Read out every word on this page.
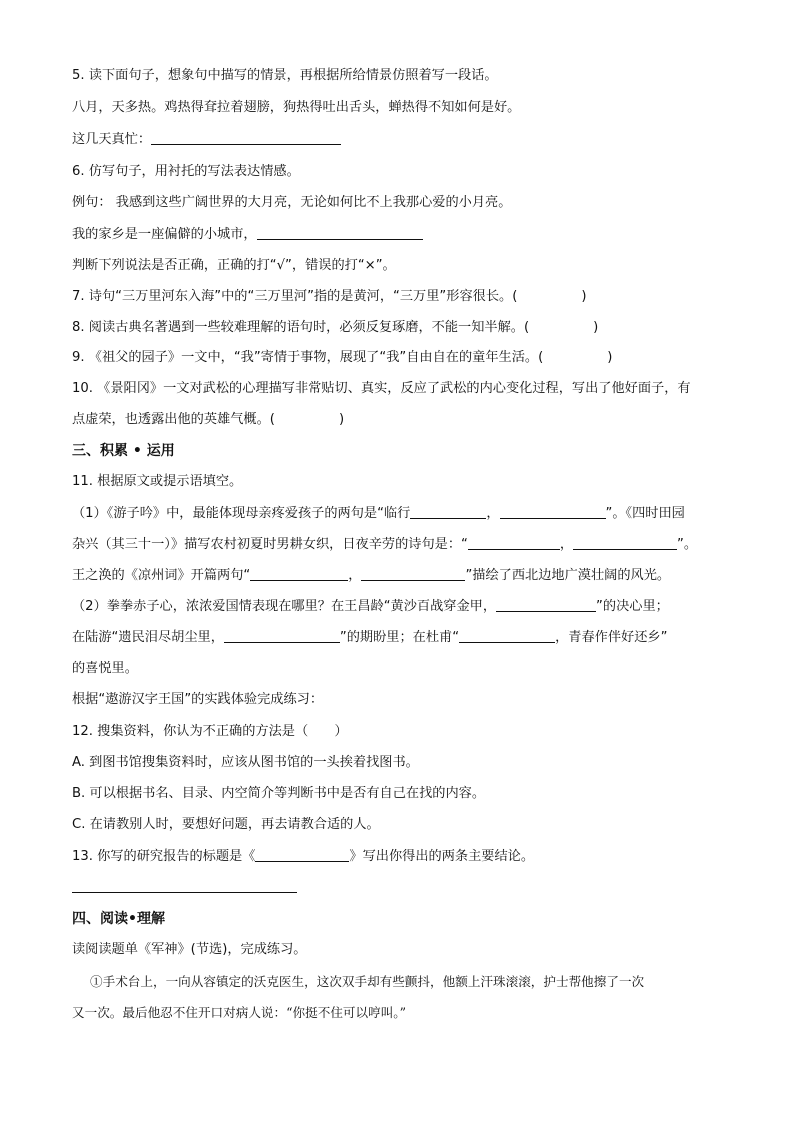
5. 读下面句子，想象句中描写的情景，再根据所给情景仿照着写一段话。
八月，天多热。鸡热得耷拉着翅膀，狗热得吐出舌头，蝉热得不知如何是好。
这几天真忙：
6. 仿写句子，用衬托的写法表达情感。
例句： 我感到这些广阔世界的大月亮，无论如何比不上我那心爱的小月亮。
我的家乡是一座偏僻的小城市，
判断下列说法是否正确，正确的打“√”，错误的打“×”。
7. 诗句“三万里河东入海”中的“三万里河”指的是黄河，“三万里”形容很长。(	)
8. 阅读古典名著遇到一些较难理解的语句时，必须反复琢磨，不能一知半解。(	)
9. 《祖父的园子》一文中，“我”寄情于事物，展现了“我”自由自在的童年生活。(	)
10. 《景阳冈》一文对武松的心理描写非常贴切、真实，反应了武松的内心变化过程，写出了他好面子，有
点虚荣，也透露出他的英雄气概。(	)
三、积累 • 运用
11. 根据原文或提示语填空。
（1）《游子吟》中，最能体现母亲疼爱孩子的两句是“临行	，	”。《四时田园
杂兴（其三十一）》描写农村初夏时男耕女织，日夜辛劳的诗句是：“	，	”。
王之涣的《凉州词》开篇两句“	，	”描绘了西北边地广漠壮阔的风光。
（2）拳拳赤子心，浓浓爱国情表现在哪里？在王昌龄“黄沙百战穿金甲，	”的决心里；
在陆游“遗民泪尽胡尘里，	”的期盼里；在杜甫“	，青春作伴好还乡”
的喜悦里。
根据“遨游汉字王国”的实践体验完成练习：
12. 搜集资料，你认为不正确的方法是（　　）
A. 到图书馆搜集资料时，应该从图书馆的一头挨着找图书。
B. 可以根据书名、目录、内空简介等判断书中是否有自己在找的内容。
C. 在请教别人时，要想好问题，再去请教合适的人。
13. 你写的研究报告的标题是《	》写出你得出的两条主要结论。
四、阅读•理解
读阅读题单《军神》(节选)，完成练习。
①手术台上，一向从容镇定的沃克医生，这次双手却有些颤抖，他额上汗珠滚滚，护士帮他擦了一次
又一次。最后他忍不住开口对病人说：“你挺不住可以哼叫。”
